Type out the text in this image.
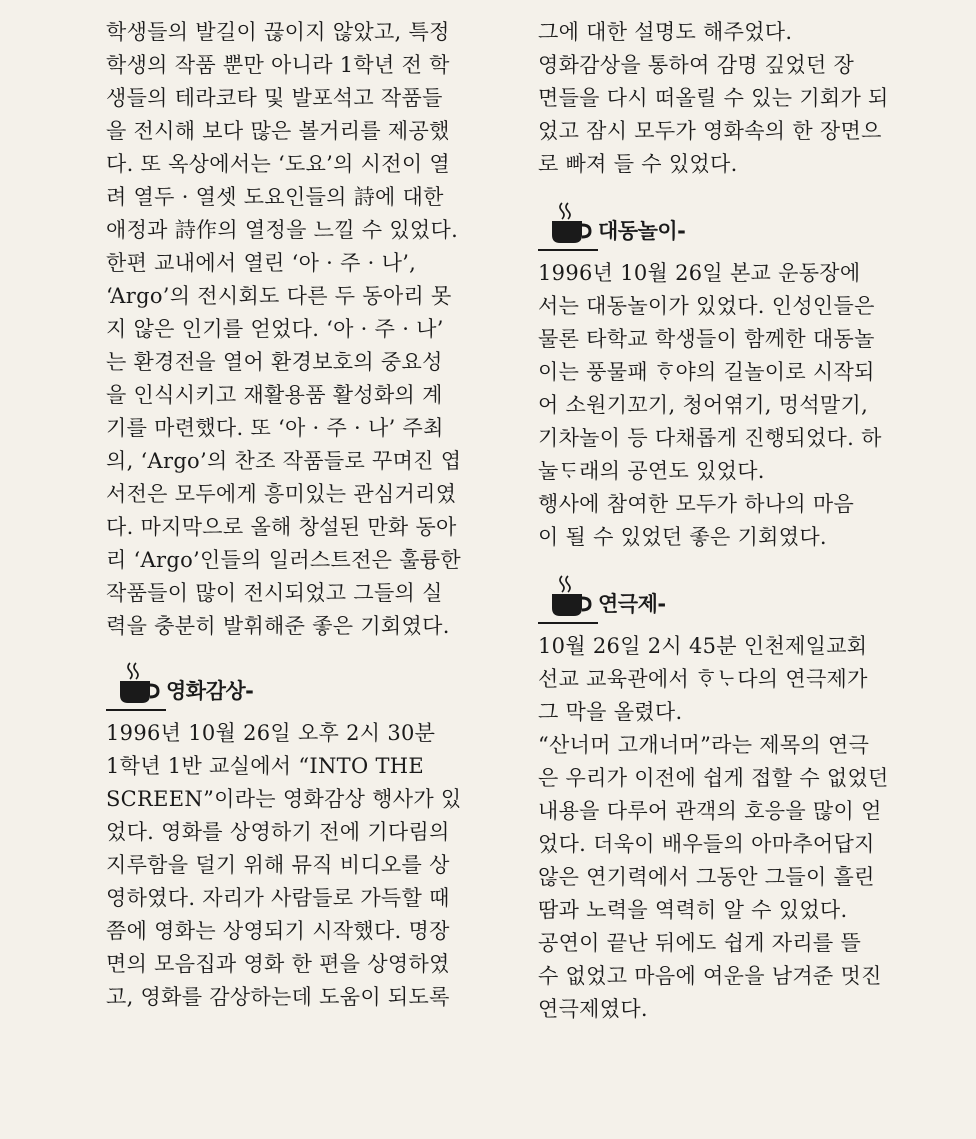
학생들의 발길이 끊이지 않았고, 특정
학생의 작품 뿐만 아니라 1학년 전 학
생들의 테라코타 및 발포석고 작품들
을 전시해 보다 많은 볼거리를 제공했
다. 또 옥상에서는 ‘도요’의 시전이 열
려 열두 · 열셋 도요인들의 詩에 대한
애정과 詩作의 열정을 느낄 수 있었다.
한편 교내에서 열린 ‘아 · 주 · 나’,
‘Argo’의 전시회도 다른 두 동아리 못
지 않은 인기를 얻었다. ‘아 · 주 · 나’
는 환경전을 열어 환경보호의 중요성
을 인식시키고 재활용품 활성화의 계
기를 마련했다. 또 ‘아 · 주 · 나’ 주최
의, ‘Argo’의 찬조 작품들로 꾸며진 엽
서전은 모두에게 흥미있는 관심거리였
다. 마지막으로 올해 창설된 만화 동아
리 ‘Argo’인들의 일러스트전은 훌륭한
작품들이 많이 전시되었고 그들의 실
력을 충분히 발휘해준 좋은 기회였다.
영화감상-
1996년 10월 26일 오후 2시 30분
1학년 1반 교실에서 “INTO THE
SCREEN”이라는 영화감상 행사가 있
었다. 영화를 상영하기 전에 기다림의
지루함을 덜기 위해 뮤직 비디오를 상
영하였다. 자리가 사람들로 가득할 때
쯤에 영화는 상영되기 시작했다. 명장
면의 모음집과 영화 한 편을 상영하였
고, 영화를 감상하는데 도움이 되도록
그에 대한 설명도 해주었다.
영화감상을 통하여 감명 깊었던 장
면들을 다시 떠올릴 수 있는 기회가 되
었고 잠시 모두가 영화속의 한 장면으
로 빠져 들 수 있었다.
대동놀이-
1996년 10월 26일 본교 운동장에
서는 대동놀이가 있었다. 인성인들은
물론 타학교 학생들이 함께한 대동놀
이는 풍물패 ᄒᆞ야의 길놀이로 시작되
어 소원기꼬기, 청어엮기, 멍석말기,
기차놀이 등 다채롭게 진행되었다. 하
눌ᄃᆞ래의 공연도 있었다.
행사에 참여한 모두가 하나의 마음
이 될 수 있었던 좋은 기회였다.
연극제-
10월 26일 2시 45분 인천제일교회
선교 교육관에서 ᄒᆞᄂᆞ다의 연극제가
그 막을 올렸다.
“산너머 고개너머”라는 제목의 연극
은 우리가 이전에 쉽게 접할 수 없었던
내용을 다루어 관객의 호응을 많이 얻
었다. 더욱이 배우들의 아마추어답지
않은 연기력에서 그동안 그들이 흘린
땀과 노력을 역력히 알 수 있었다.
공연이 끝난 뒤에도 쉽게 자리를 뜰
수 없었고 마음에 여운을 남겨준 멋진
연극제였다.
